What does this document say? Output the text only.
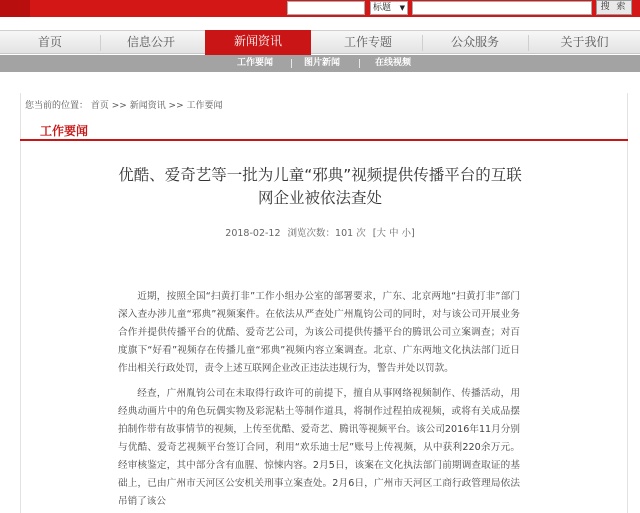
标题 ▼	搜 索
首页	信息公开	新闻资讯	工作专题	公众服务	关于我们
工作要闻	图片新闻	在线视频
您当前的位置： 首页 >> 新闻资讯 >> 工作要闻
工作要闻
优酷、爱奇艺等一批为儿童“邪典”视频提供传播平台的互联
网企业被依法查处
2018-02-12 浏览次数：101 次 [大 中 小]

近期，按照全国“扫黄打非”工作小组办公室的部署要求，广东、北京两地“扫黄打非”部门深入查办涉儿童“邪典”视频案件。在依法从严查处广州胤钧公司的同时，对与该公司开展业务合作并提供传播平台的优酷、爱奇艺公司，为该公司提供传播平台的腾讯公司立案调查；对百度旗下“好看”视频存在传播儿童“邪典”视频内容立案调查。北京、广东两地文化执法部门近日作出相关行政处罚，责令上述互联网企业改正违法违规行为，警告并处以罚款。

经查，广州胤钧公司在未取得行政许可的前提下，擅自从事网络视频制作、传播活动，用经典动画片中的角色玩偶实物及彩泥粘土等制作道具，将制作过程拍成视频，或将有关成品摆拍制作带有故事情节的视频，上传至优酷、爱奇艺、腾讯等视频平台。该公司2016年11月分别与优酷、爱奇艺视频平台签订合同，利用“欢乐迪士尼”账号上传视频，从中获利220余万元。经审核鉴定，其中部分含有血腥、惊悚内容。2月5日，该案在文化执法部门前期调查取证的基础上，已由广州市天河区公安机关刑事立案查处。2月6日，广州市天河区工商行政管理局依法吊销了该公
